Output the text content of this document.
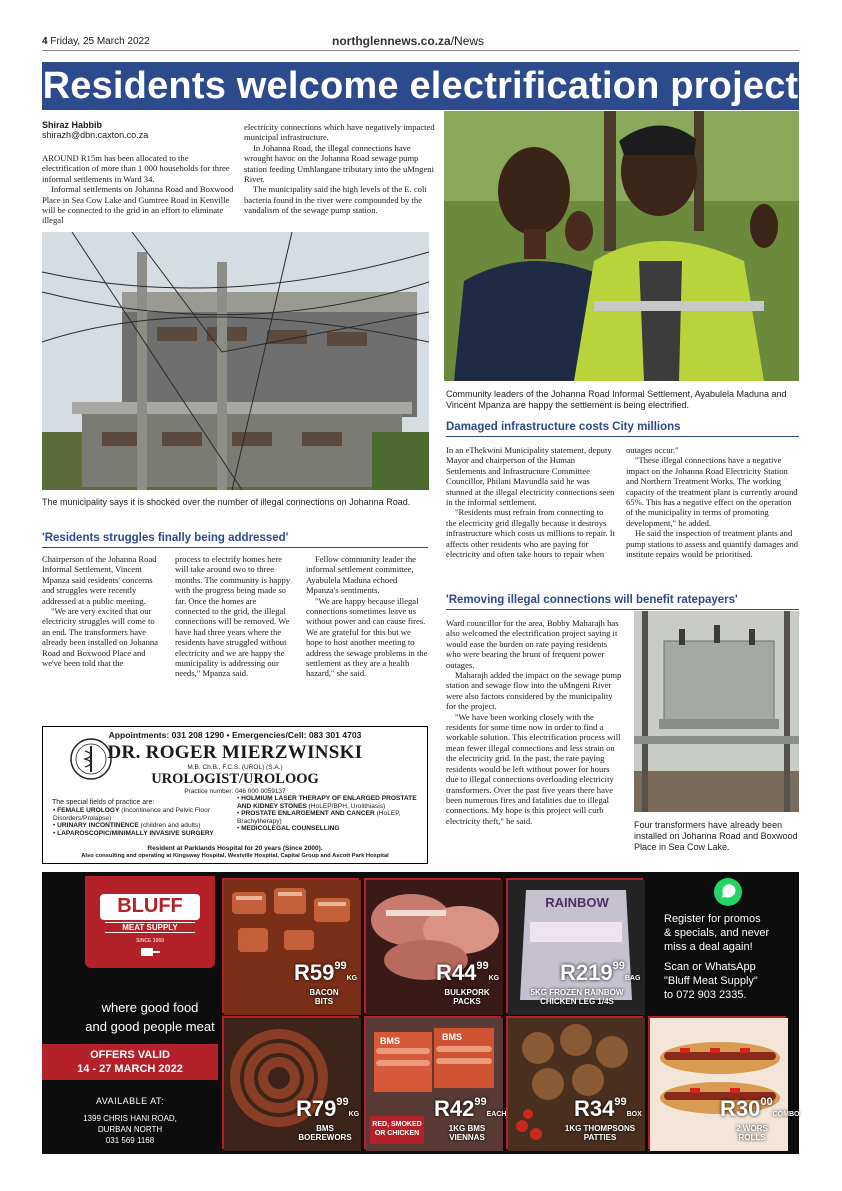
4 Friday, 25 March 2022	northglennews.co.za/News
Residents welcome electrification project
Shiraz Habbib
shirazh@dbn.caxton.co.za

AROUND R15m has been allocated to the electrification of more than 1 000 households for three informal settlements in Ward 34.

Informal settlements on Johanna Road and Boxwood Place in Sea Cow Lake and Gumtree Road in Kenville will be connected to the grid in an effort to eliminate illegal

electricity connections which have negatively impacted municipal infrastructure.

In Johanna Road, the illegal connections have wrought havoc on the Johanna Road sewage pump station feeding Umhlangane tributary into the uMngeni River.

The municipality said the high levels of the E. coli bacteria found in the river were compounded by the vandalism of the sewage pump station.

The municipality says it is shocked over the number of illegal connections on Johanna Road.
Community leaders of the Johanna Road Informal Settlement, Ayabulela Maduna and Vincent Mpanza are happy the settlement is being electrified.
'Residents struggles finally being addressed'

Chairperson of the Johanna Road Informal Settlement, Vincent Mpanza said residents' concerns and struggles were recently addressed at a public meeting.

"We are very excited that our electricity struggles will come to an end. The transformers have already been installed on Johanna Road and Boxwood Place and we've been told that the

process to electrify homes here will take around two to three months. The community is happy with the progress being made so far. Once the homes are connected to the grid, the illegal connections will be removed. We have had three years where the residents have struggled without electricity and we are happy the municipality is addressing our needs," Mpanza said.

Fellow community leader the informal settlement committee, Ayabulela Maduna echoed Mpanza's sentiments.

"We are happy because illegal connections sometimes leave us without power and can cause fires. We are grateful for this but we hope to host another meeting to address the sewage problems in the settlement as they are a health hazard," she said.

Damaged infrastructure costs City millions

In an eThekwini Municipality statement, deputy Mayor and chairperson of the Human Settlements and Infrastructure Committee Councillor, Philani Mavundla said he was stunned at the illegal electricity connections seen in the informal settlement.

"Residents must refrain from connecting to the electricity grid illegally because it destroys infrastructure which costs us millions to repair. It affects other residents who are paying for electricity and often take hours to repair when

outages occur."

"These illegal connections have a negative impact on the Johanna Road Electricity Station and Northern Treatment Works. The working capacity of the treatment plant is currently around 65%. This has a negative effect on the operation of the municipality in terms of promoting development," he added.

He said the inspection of treatment plants and pump stations to assess and quantify damages and institute repairs would be prioritised.

'Removing illegal connections will benefit ratepayers'

Ward councillor for the area, Bobby Maharajh has also welcomed the electrification project saying it would ease the burden on rate paying residents who were bearing the brunt of frequent power outages.

Maharajh added the impact on the sewage pump station and sewage flow into the uMngeni River were also factors considered by the municipality for the project.

"We have been working closely with the residents for some time now in order to find a workable solution. This electrification process will mean fewer illegal connections and less strain on the electricity grid. In the past, the rate paying residents would be left without power for hours due to illegal connections overloading electricity transformers. Over the past five years there have been numerous fires and fatalities due to illegal connections. My hope is this project will curb electricity theft," he said.	Four transformers have already been installed on Johanna Road and Boxwood Place in Sea Cow Lake.
Appointments: 031 208 1290 • Emergencies/Cell: 083 301 4703
DR. ROGER MIERZWINSKI
M.B. Ch.B., F.C.S. (UROL) (S.A.)
UROLOGIST/UROLOOG
Practice number: 046 000 0059137
The special fields of practice are:
• FEMALE UROLOGY (Incontinence and Pelvic Floor Disorders/Prolapse)
• URINARY INCONTINENCE (children and adults)
• LAPAROSCOPIC/MINIMALLY INVASIVE SURGERY
• HOLMIUM LASER THERAPY OF ENLARGED PROSTATE AND KIDNEY STONES (HoLEP/BPH, Urolithiasis)
• PROSTATE ENLARGEMENT AND CANCER (HoLEP, Brachytherapy)
• MEDICOLEGAL COUNSELLING
Resident at Parklands Hospital for 20 years (Since 2000).
Also consulting and operating at Kingsway Hospital, Westville Hospital, Capital Group and Ascott Park Hospital
BLUFF
MEAT SUPPLY
SINCE 1969
where good food
and good people meat
OFFERS VALID
14 - 27 MARCH 2022
AVAILABLE AT:
1399 CHRIS HANI ROAD,
DURBAN NORTH
031 569 1168
$R59^{99}KG$
BACON
BITS
$R44^{99}KG$
BULKPORK
PACKS
RAINBOW
$R219^{99}BAG$
5KG FROZEN RAINBOW
CHICKEN LEG 1/4S
Register for promos
& specials, and never
miss a deal again!
Scan or WhatsApp
"Bluff Meat Supply"
to 072 903 2335.
$R79^{99}KG$
BMS
BOEREWORS
BMS	BMS
RED, SMOKED
OR CHICKEN
$R42^{99}EACH$
1KG BMS
VIENNAS
$R34^{99}BOX$
1KG THOMPSONS
PATTIES
$R30^{00}COMBO$
2 WORS
ROLLS
